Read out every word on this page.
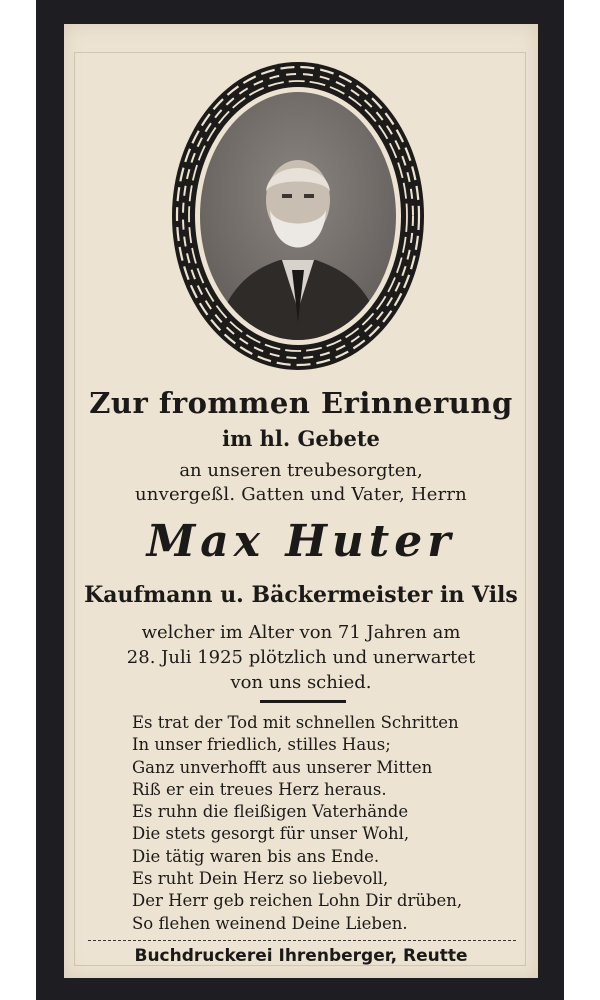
Zur frommen Erinnerung
im hl. Gebete
an unseren treubesorgten,
unvergeßl. Gatten und Vater, Herrn
Max Huter
Kaufmann u. Bäckermeister in Vils
welcher im Alter von 71 Jahren am
28. Juli 1925 plötzlich und unerwartet
von uns schied.
Es trat der Tod mit schnellen Schritten
In unser friedlich, stilles Haus;
Ganz unverhofft aus unserer Mitten
Riß er ein treues Herz heraus.
Es ruhn die fleißigen Vaterhände
Die stets gesorgt für unser Wohl,
Die tätig waren bis ans Ende.
Es ruht Dein Herz so liebevoll,
Der Herr geb reichen Lohn Dir drüben,
So flehen weinend Deine Lieben.
Buchdruckerei Ihrenberger, Reutte
